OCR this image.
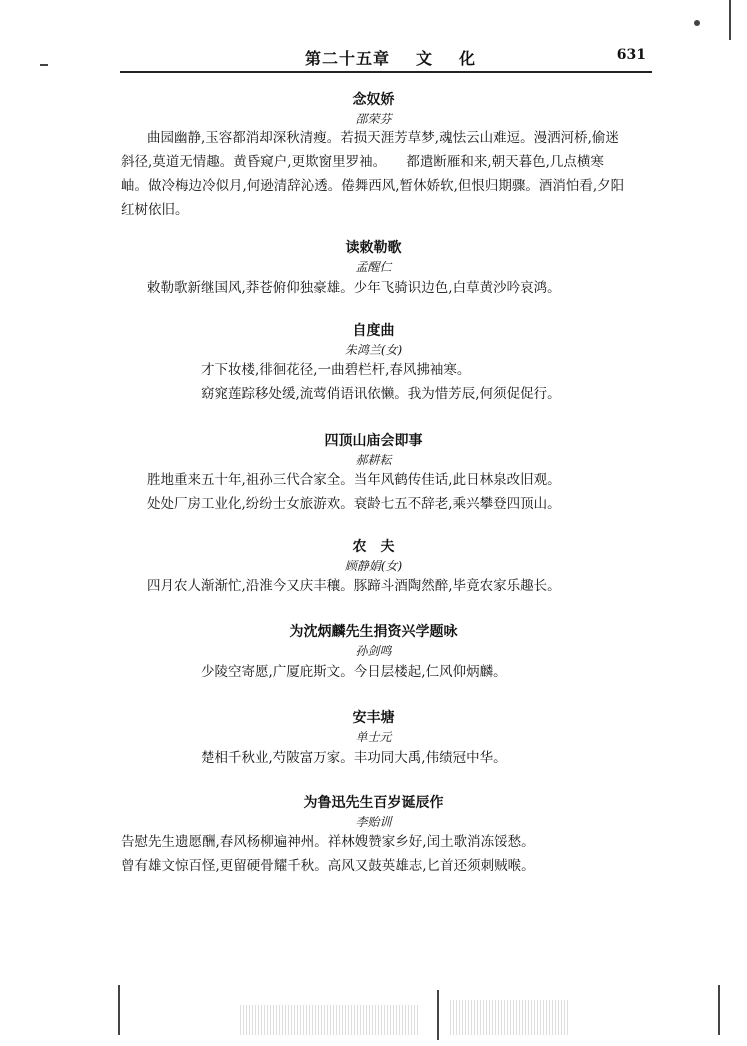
第二十五章 文 化	631
念奴娇
邵荣芬
曲园幽静,玉容都消却深秋清瘦。若损天涯芳草梦,魂怯云山难逗。漫洒河桥,偷迷
斜径,莫道无情趣。黄昏窥户,更欺窗里罗袖。　　都遣断雁和来,朝天暮色,几点横寒
岫。做冷梅边冷似月,何逊清辞沁透。倦舞西风,暂休娇软,但恨归期骤。酒消怕看,夕阳
红树依旧。
读敕勒歌
孟醒仁
敕勒歌新继国风,莽苍俯仰独豪雄。少年飞骑识边色,白草黄沙吟哀鸿。
自度曲
朱鸿兰(女)
才下妆楼,徘徊花径,一曲碧栏杆,春风拂袖寒。
窈窕莲踪移处缓,流莺俏语讯依懒。我为惜芳辰,何须促促行。
四顶山庙会即事
郝耕耘
胜地重来五十年,祖孙三代合家全。当年风鹤传佳话,此日林泉改旧观。
处处厂房工业化,纷纷士女旅游欢。衰龄七五不辞老,乘兴攀登四顶山。
农　夫
顾静娟(女)
四月农人渐渐忙,沿淮今又庆丰穰。豚蹄斗酒陶然醉,毕竟农家乐趣长。
为沈炳麟先生捐资兴学题咏
孙剑鸣
少陵空寄愿,广厦庇斯文。今日层楼起,仁风仰炳麟。
安丰塘
单士元
楚相千秋业,芍陂富万家。丰功同大禹,伟绩冠中华。
为鲁迅先生百岁诞辰作
李贻训
告慰先生遗愿酬,春风杨柳遍神州。祥林嫂赞家乡好,闰土歌消冻馁愁。
曾有雄文惊百怪,更留硬骨耀千秋。高风又鼓英雄志,匕首还须刺贼喉。
